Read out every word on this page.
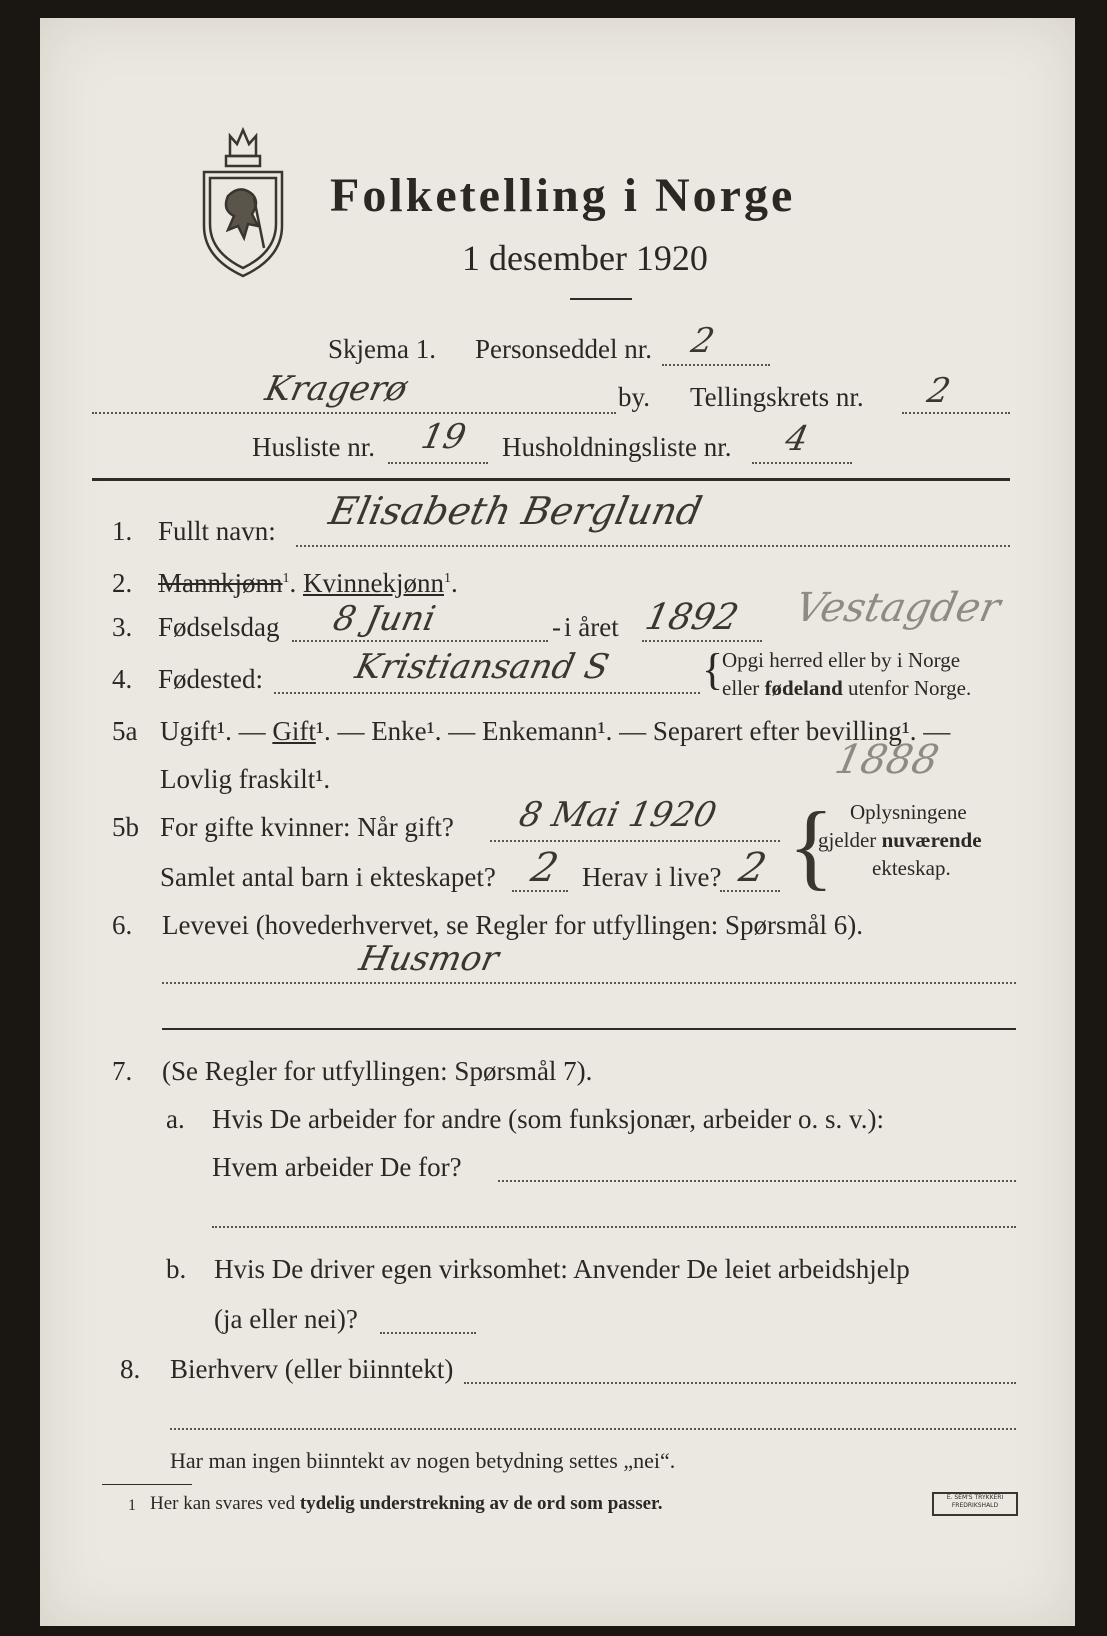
Folketelling i Norge
1 desember 1920
Skjema 1. Personseddel nr. 2
Kragerø	by. Tellingskrets nr. 2
Husliste nr. 19 Husholdningsliste nr. 4
1. Fullt navn: Elisabeth Berglund
2. Mannkjønn$^1$. Kvinnekjønn$^1$.
3. Fødselsdag 8 Juni	- i året 1892 Vestagder
4. Fødested:	Kristiansand S {
Opgi herred eller by i Norge
eller fødeland utenfor Norge.
5a Ugift¹. — Gift¹. — Enke¹. — Enkemann¹. — Separert efter bevilling¹. —
Lovlig fraskilt¹.	1888
5b For gifte kvinner: Når gift? 8 Mai 1920
Samlet antal barn i ekteskapet? 2 Herav i live? 2 { Oplysningene
gjelder nuværende
ekteskap.
6. Levevei (hovederhvervet, se Regler for utfyllingen: Spørsmål 6).
Husmor
7. (Se Regler for utfyllingen: Spørsmål 7).
a. Hvis De arbeider for andre (som funksjonær, arbeider o. s. v.):
Hvem arbeider De for?
b. Hvis De driver egen virksomhet: Anvender De leiet arbeidshjelp
(ja eller nei)?
8. Bierhverv (eller biinntekt)
Har man ingen biinntekt av nogen betydning settes „nei“.
1 Her kan svares ved tydelig understrekning av de ord som passer.	E. SEM'S TRYKKERI FREDRIKSHALD
